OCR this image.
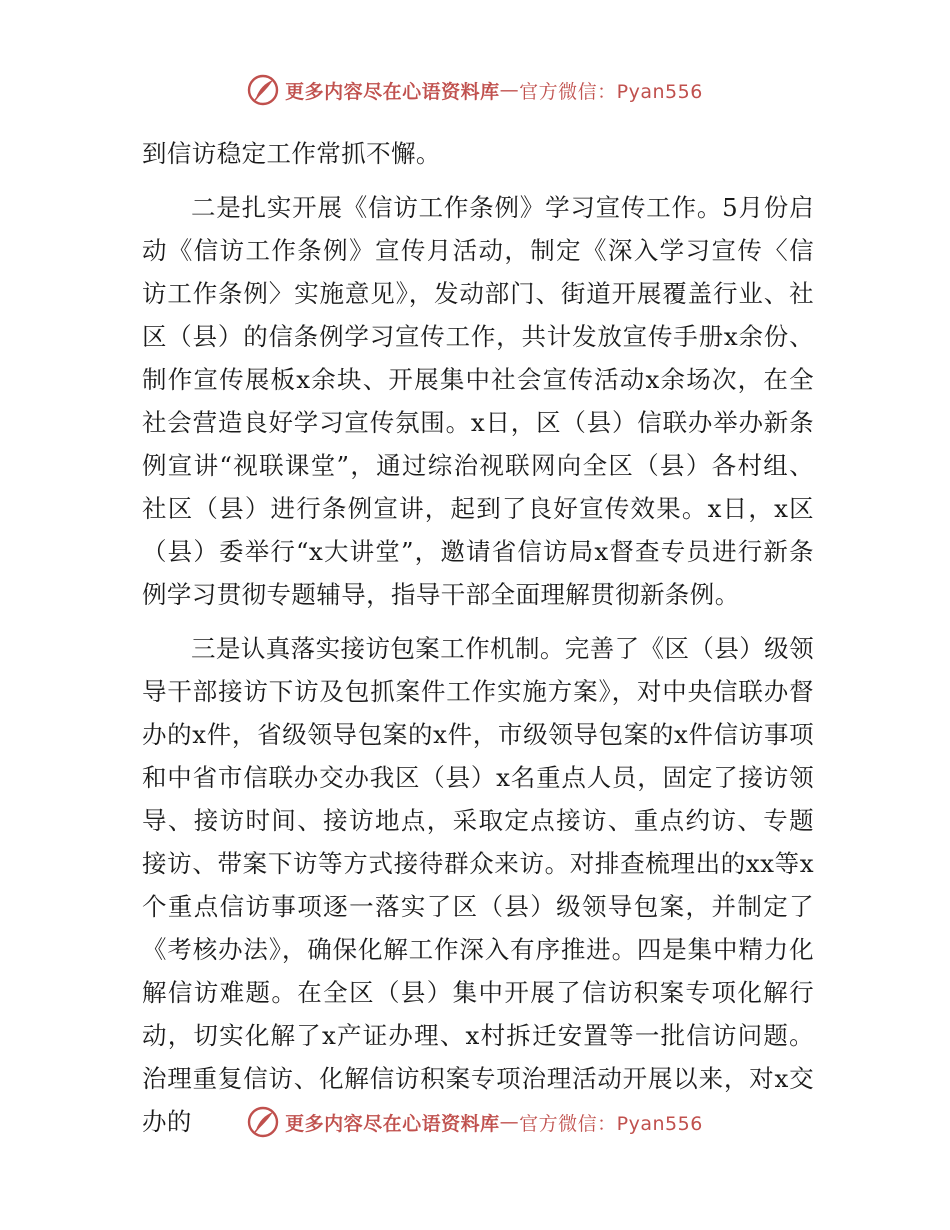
更多内容尽在心语资料库 — 官方微信：Pyan556

到信访稳定工作常抓不懈。

二是扎实开展《信访工作条例》学习宣传工作。5月份启动《信访工作条例》宣传月活动，制定《深入学习宣传〈信访工作条例〉实施意见》，发动部门、街道开展覆盖行业、社区（县）的信条例学习宣传工作，共计发放宣传手册x余份、制作宣传展板x余块、开展集中社会宣传活动x余场次，在全社会营造良好学习宣传氛围。x日，区（县）信联办举办新条例宣讲“视联课堂”，通过综治视联网向全区（县）各村组、社区（县）进行条例宣讲，起到了良好宣传效果。x日，x区（县）委举行“x大讲堂”，邀请省信访局x督查专员进行新条例学习贯彻专题辅导，指导干部全面理解贯彻新条例。

三是认真落实接访包案工作机制。完善了《区（县）级领导干部接访下访及包抓案件工作实施方案》，对中央信联办督办的x件，省级领导包案的x件，市级领导包案的x件信访事项和中省市信联办交办我区（县）x名重点人员，固定了接访领导、接访时间、接访地点，采取定点接访、重点约访、专题接访、带案下访等方式接待群众来访。对排查梳理出的xx等x个重点信访事项逐一落实了区（县）级领导包案，并制定了《考核办法》，确保化解工作深入有序推进。四是集中精力化解信访难题。在全区（县）集中开展了信访积案专项化解行动，切实化解了x产证办理、x村拆迁安置等一批信访问题。治理重复信访、化解信访积案专项治理活动开展以来，对x交办的	更多内容尽在心语资料库 — 官方微信：Pyan556
